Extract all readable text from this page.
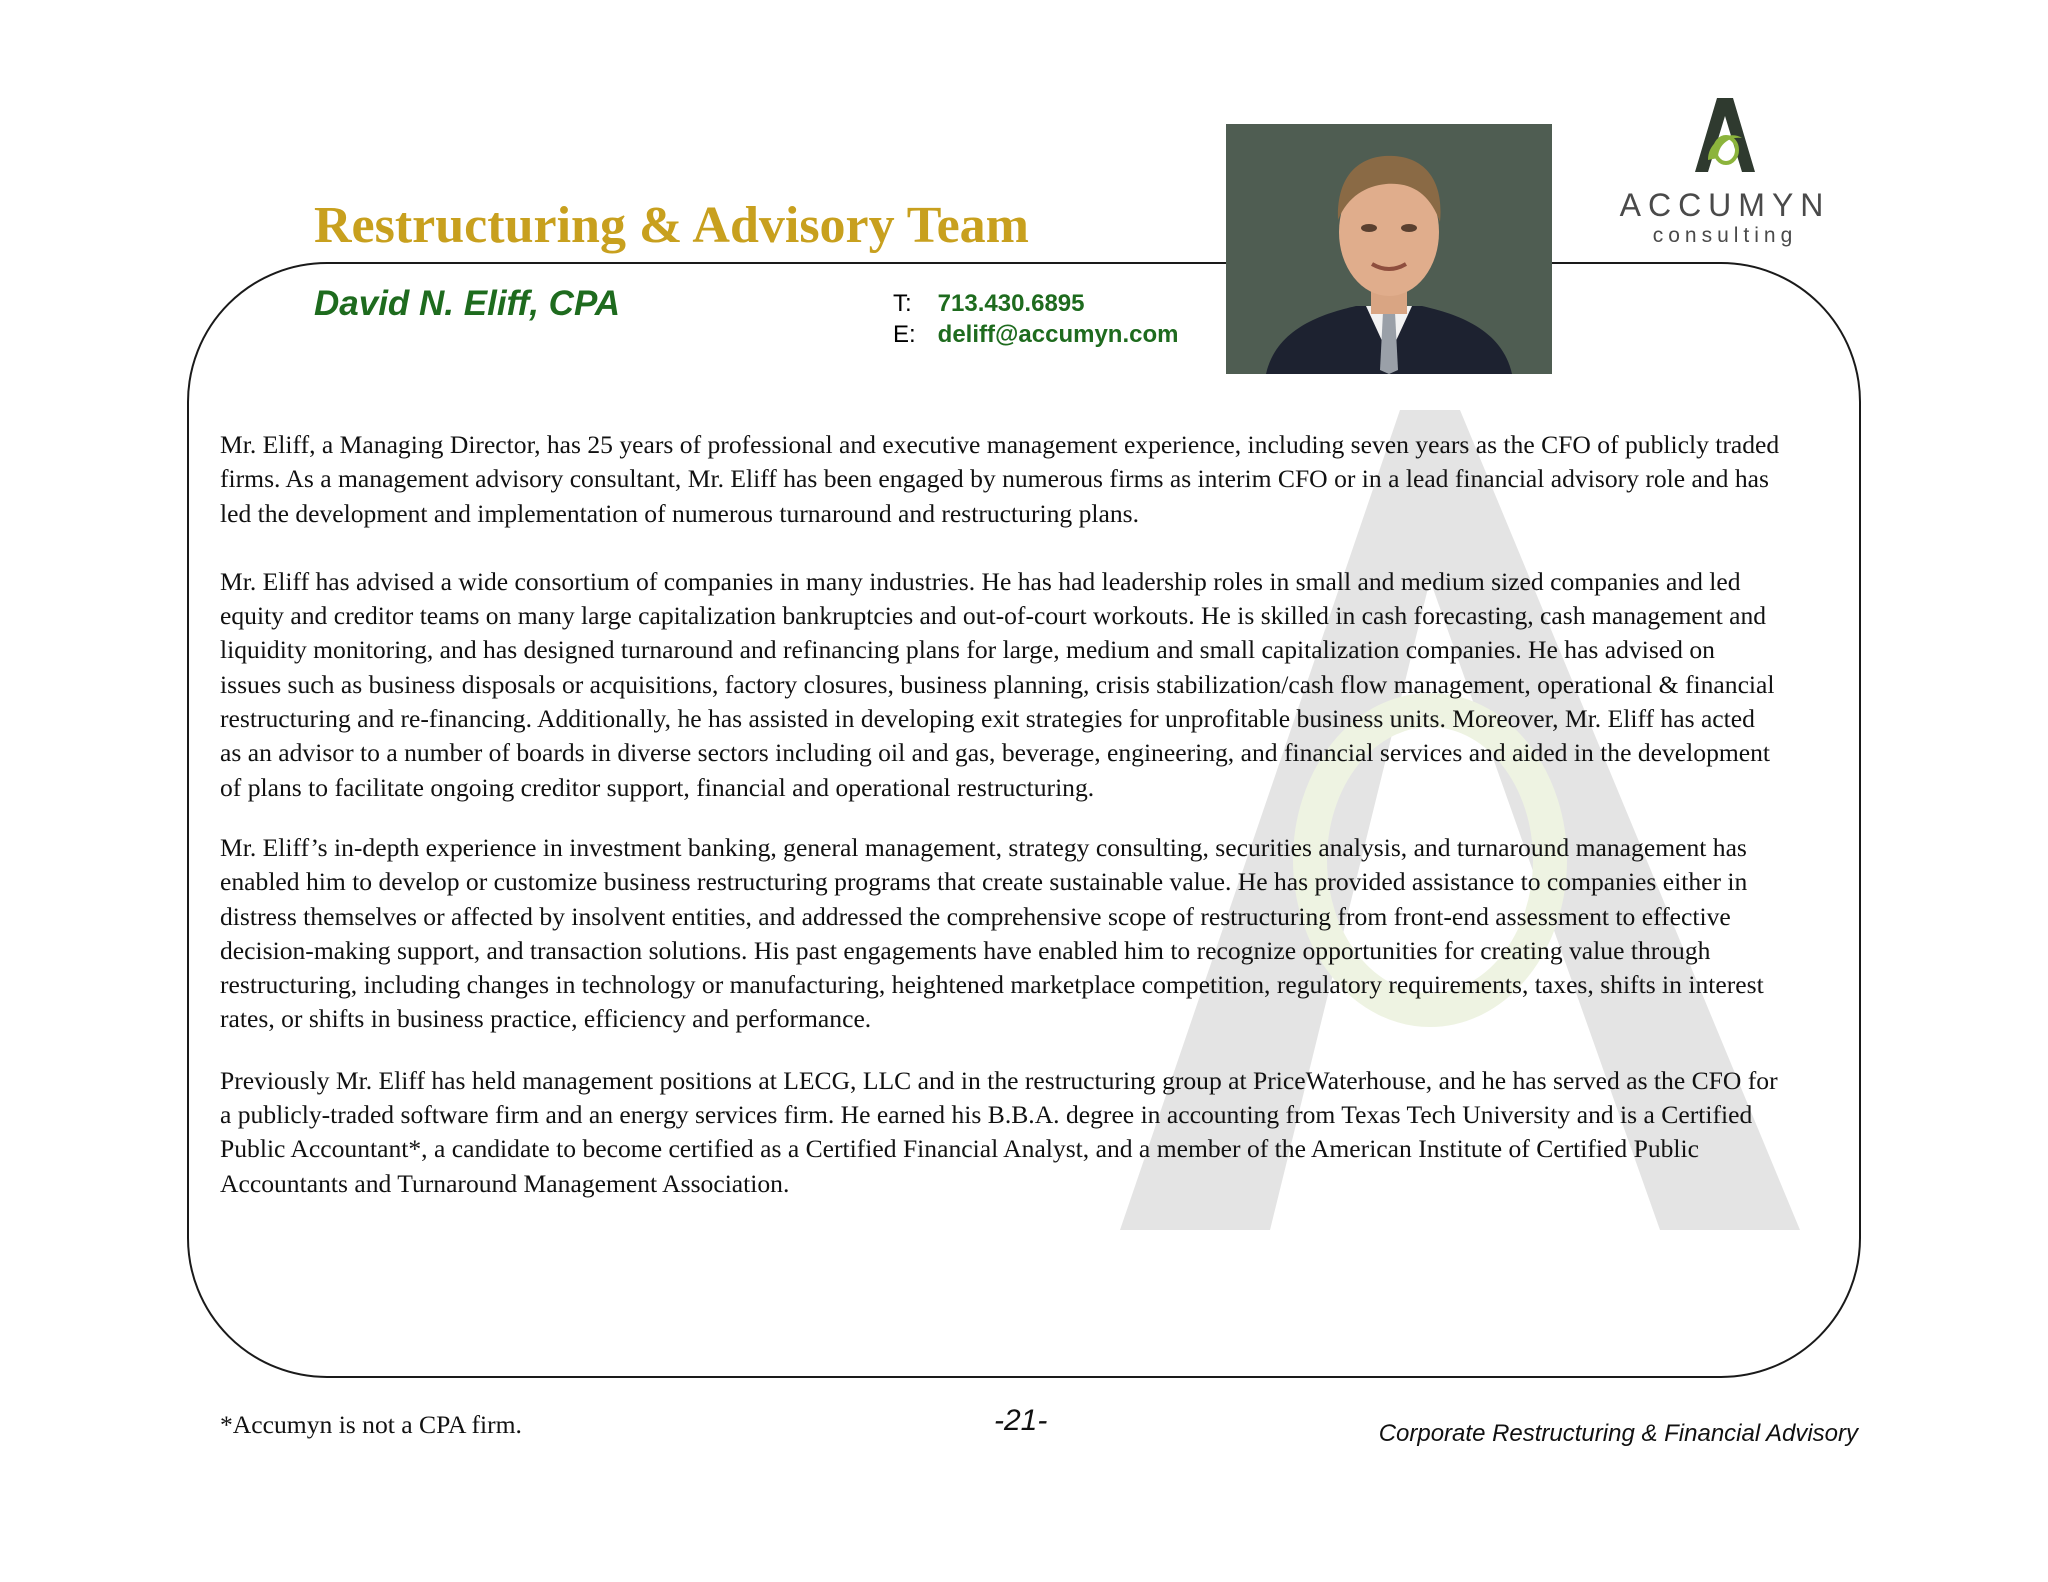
Restructuring & Advisory Team
David N. Eliff, CPA	T: 713.430.6895
E: deliff@accumyn.com
ACCUMYN
consulting

Mr. Eliff, a Managing Director, has 25 years of professional and executive management experience, including seven years as the CFO of publicly traded firms. As a management advisory consultant, Mr. Eliff has been engaged by numerous firms as interim CFO or in a lead financial advisory role and has led the development and implementation of numerous turnaround and restructuring plans.

Mr. Eliff has advised a wide consortium of companies in many industries. He has had leadership roles in small and medium sized companies and led equity and creditor teams on many large capitalization bankruptcies and out-of-court workouts. He is skilled in cash forecasting, cash management and liquidity monitoring, and has designed turnaround and refinancing plans for large, medium and small capitalization companies. He has advised on issues such as business disposals or acquisitions, factory closures, business planning, crisis stabilization/cash flow management, operational & financial restructuring and re-financing. Additionally, he has assisted in developing exit strategies for unprofitable business units. Moreover, Mr. Eliff has acted as an advisor to a number of boards in diverse sectors including oil and gas, beverage, engineering, and financial services and aided in the development of plans to facilitate ongoing creditor support, financial and operational restructuring.

Mr. Eliff’s in-depth experience in investment banking, general management, strategy consulting, securities analysis, and turnaround management has enabled him to develop or customize business restructuring programs that create sustainable value. He has provided assistance to companies either in distress themselves or affected by insolvent entities, and addressed the comprehensive scope of restructuring from front-end assessment to effective decision-making support, and transaction solutions. His past engagements have enabled him to recognize opportunities for creating value through restructuring, including changes in technology or manufacturing, heightened marketplace competition, regulatory requirements, taxes, shifts in interest rates, or shifts in business practice, efficiency and performance.

Previously Mr. Eliff has held management positions at LECG, LLC and in the restructuring group at PriceWaterhouse, and he has served as the CFO for a publicly-traded software firm and an energy services firm. He earned his B.B.A. degree in accounting from Texas Tech University and is a Certified Public Accountant*, a candidate to become certified as a Certified Financial Analyst, and a member of the American Institute of Certified Public Accountants and Turnaround Management Association.

*Accumyn is not a CPA firm.	-21-	Corporate Restructuring & Financial Advisory
